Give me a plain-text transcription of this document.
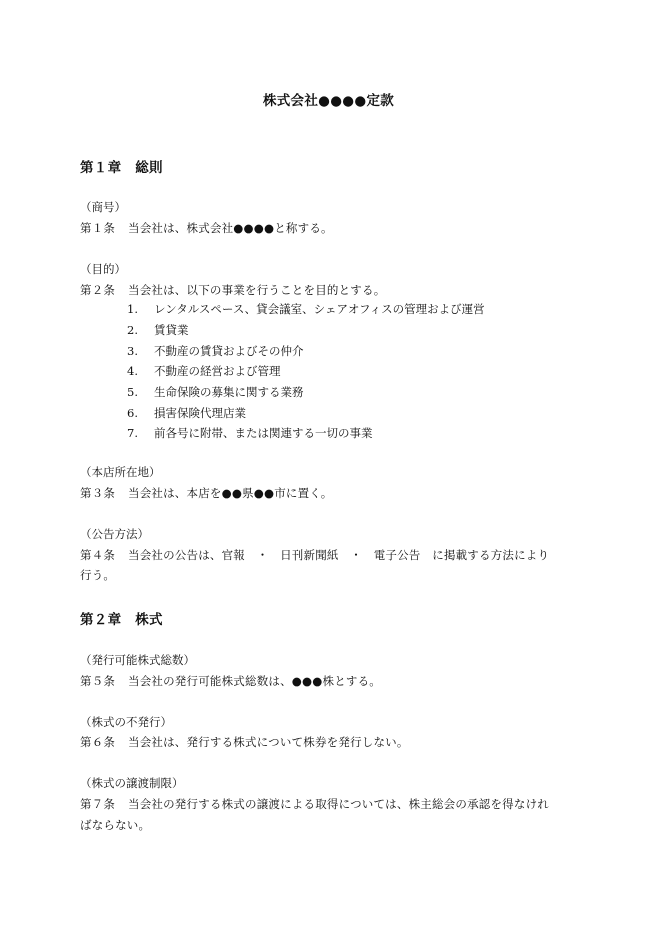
株式会社●●●●定款
第１章　総則
（商号）
第１条 当会社は、株式会社●●●●と称する。
（目的）
第２条 当会社は、以下の事業を行うことを目的とする。
1. レンタルスペース、貸会議室、シェアオフィスの管理および運営
2. 賃貸業
3. 不動産の賃貸およびその仲介
4. 不動産の経営および管理
5. 生命保険の募集に関する業務
6. 損害保険代理店業
7. 前各号に附帯、または関連する一切の事業
（本店所在地）
第３条 当会社は、本店を●●県●●市に置く。
（公告方法）
第４条 当会社の公告は、官報　・　日刊新聞紙　・　電子公告　に掲載する方法により
行う。
第２章　株式
（発行可能株式総数）
第５条 当会社の発行可能株式総数は、●●●株とする。
（株式の不発行）
第６条 当会社は、発行する株式について株券を発行しない。
（株式の譲渡制限）
第７条 当会社の発行する株式の譲渡による取得については、株主総会の承認を得なけれ
ばならない。
